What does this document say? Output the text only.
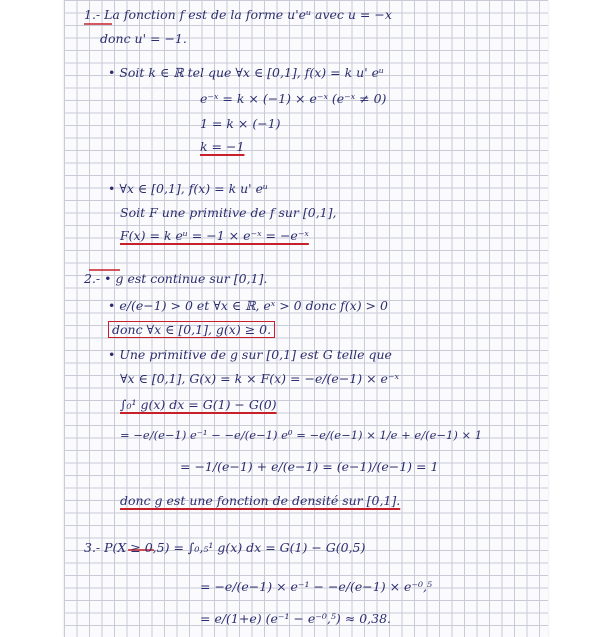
1.- La fonction f est de la forme u'eᵘ avec u = −x
donc u' = −1.
• Soit k ∈ ℝ tel que ∀x ∈ [0,1], f(x) = k u' eᵘ
e⁻ˣ = k × (−1) × e⁻ˣ (e⁻ˣ ≠ 0)
1 = k × (−1)
k = −1
• ∀x ∈ [0,1], f(x) = k u' eᵘ
Soit F une primitive de f sur [0,1],
F(x) = k eᵘ = −1 × e⁻ˣ = −e⁻ˣ
2.- • g est continue sur [0,1].
• e/(e−1) > 0 et ∀x ∈ ℝ, eˣ > 0 donc f(x) > 0
donc ∀x ∈ [0,1], g(x) ≥ 0.
• Une primitive de g sur [0,1] est G telle que
∀x ∈ [0,1], G(x) = k × F(x) = −e/(e−1) × e⁻ˣ
∫₀¹ g(x) dx = G(1) − G(0)
= −e/(e−1) e⁻¹ − −e/(e−1) e⁰ = −e/(e−1) × 1/e + e/(e−1) × 1
= −1/(e−1) + e/(e−1) = (e−1)/(e−1) = 1
donc g est une fonction de densité sur [0,1].
3.- P(X ≥ 0,5) = ∫₀,₅¹ g(x) dx = G(1) − G(0,5)
= −e/(e−1) × e⁻¹ − −e/(e−1) × e⁻⁰,⁵
= e/(1+e) (e⁻¹ − e⁻⁰,⁵) ≈ 0,38.
